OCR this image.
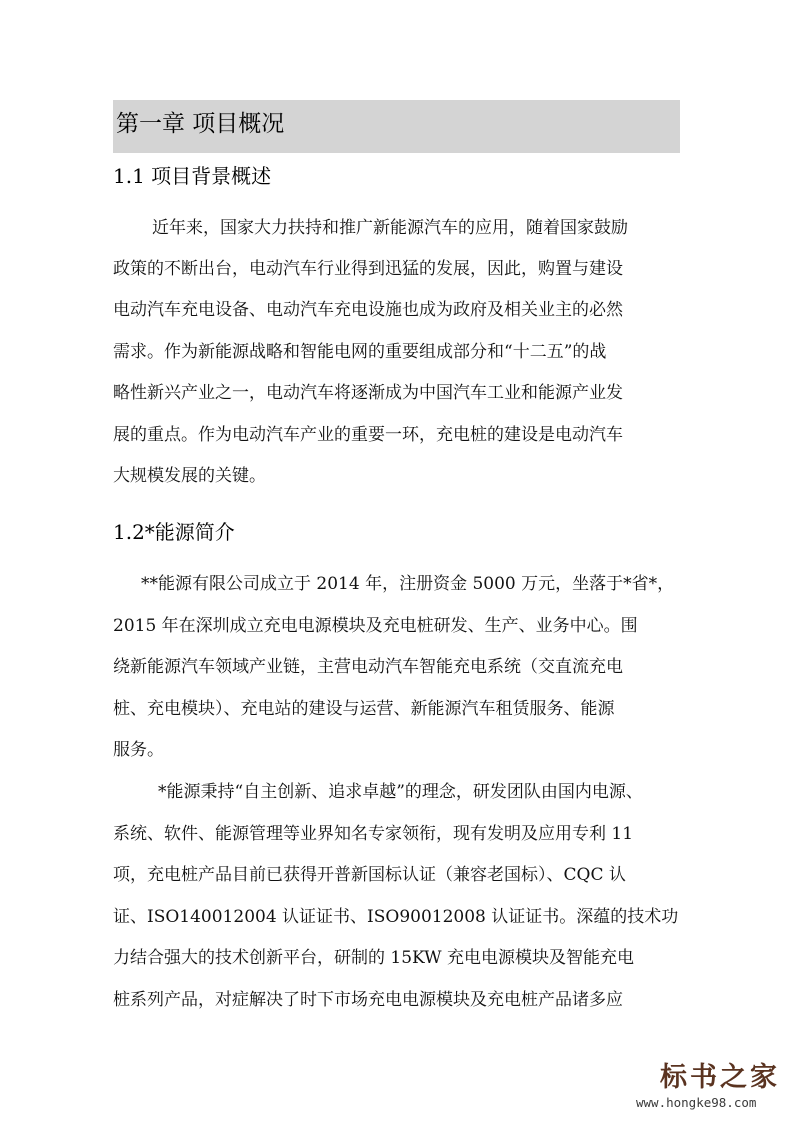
第一章 项目概况
1.1 项目背景概述
近年来，国家大力扶持和推广新能源汽车的应用，随着国家鼓励
政策的不断出台，电动汽车行业得到迅猛的发展，因此，购置与建设
电动汽车充电设备、电动汽车充电设施也成为政府及相关业主的必然
需求。作为新能源战略和智能电网的重要组成部分和“十二五”的战
略性新兴产业之一，电动汽车将逐渐成为中国汽车工业和能源产业发
展的重点。作为电动汽车产业的重要一环，充电桩的建设是电动汽车
大规模发展的关键。
1.2*能源简介
**能源有限公司成立于 2014 年，注册资金 5000 万元，坐落于*省*，
2015 年在深圳成立充电电源模块及充电桩研发、生产、业务中心。围
绕新能源汽车领域产业链，主营电动汽车智能充电系统（交直流充电
桩、充电模块）、充电站的建设与运营、新能源汽车租赁服务、能源
服务。
*能源秉持“自主创新、追求卓越”的理念，研发团队由国内电源、
系统、软件、能源管理等业界知名专家领衔，现有发明及应用专利 11
项，充电桩产品目前已获得开普新国标认证（兼容老国标）、CQC 认
证、ISO140012004 认证证书、ISO90012008 认证证书。深蕴的技术功
力结合强大的技术创新平台，研制的 15KW 充电电源模块及智能充电
桩系列产品，对症解决了时下市场充电电源模块及充电桩产品诸多应
标书之家
www.hongke98.com
